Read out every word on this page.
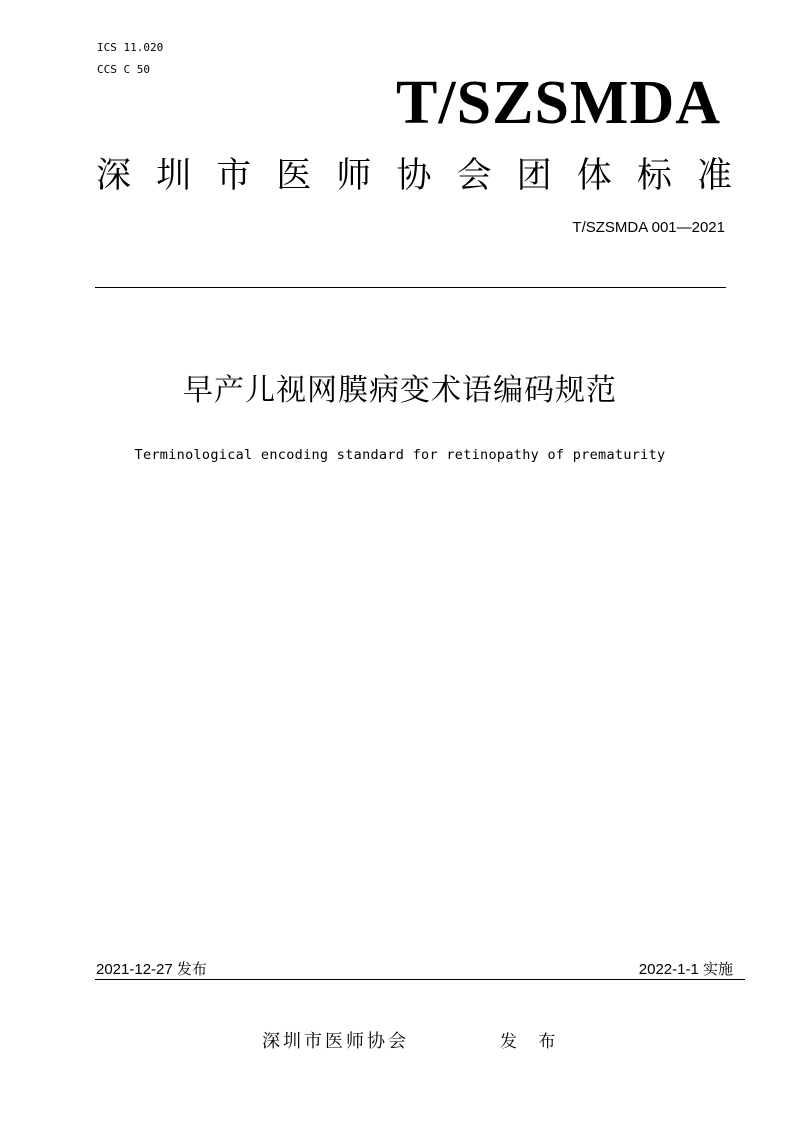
ICS 11.020
CCS C 50	T/SZSMDA
深 圳 市 医 师 协 会 团 体 标 准
T/SZSMDA 001—2021
早产儿视网膜病变术语编码规范
Terminological encoding standard for retinopathy of prematurity
2021-12-27 发布	2022-1-1 实施
深圳市医师协会	发 布
